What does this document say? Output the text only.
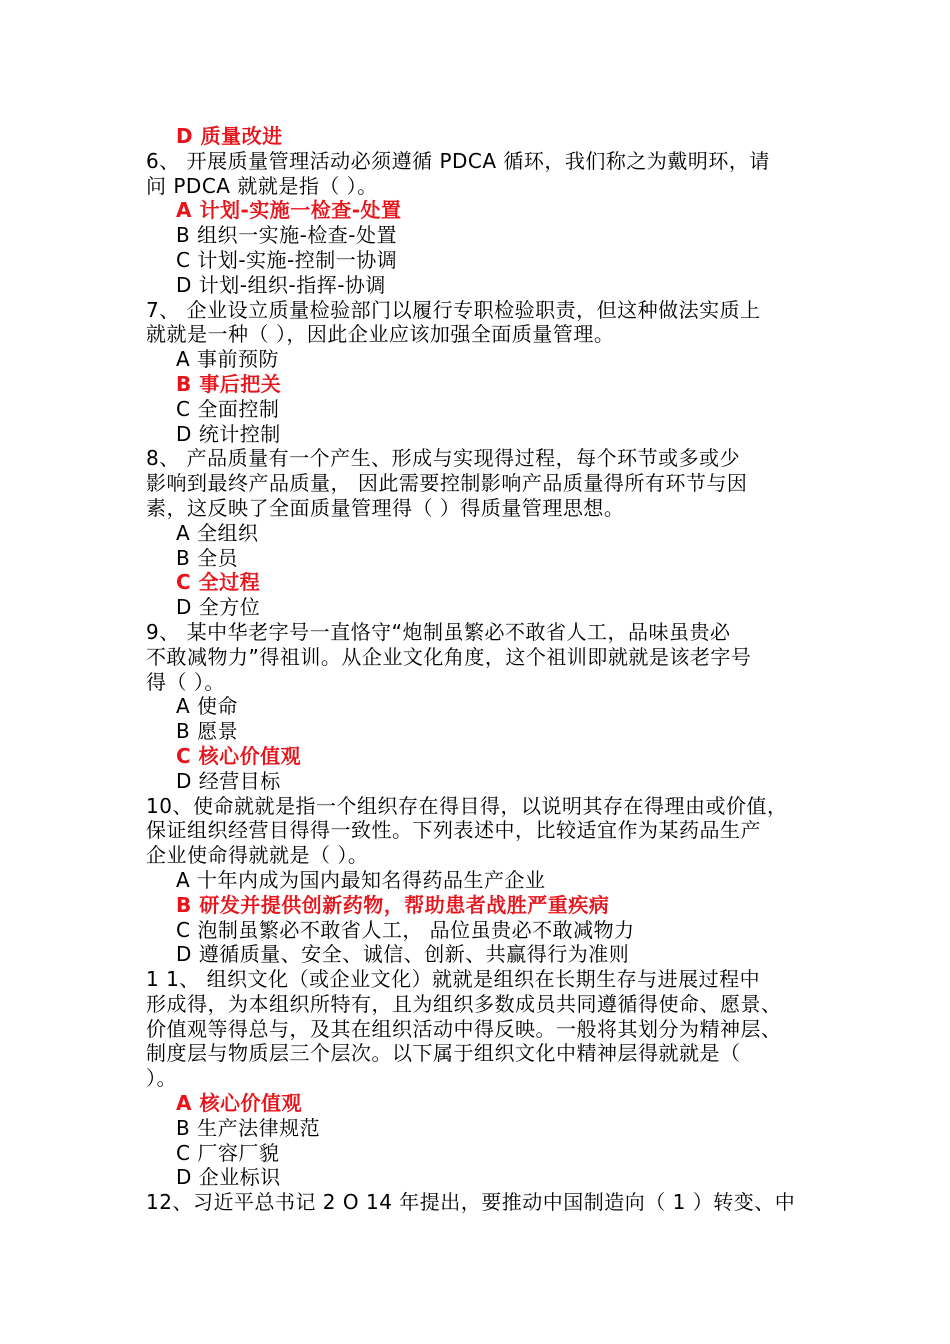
D 质量改进
6、 开展质量管理活动必须遵循 PDCA 循环，我们称之为戴明环，请
问 PDCA 就就是指（ ）。
A 计划-实施一检查-处置
B 组织一实施-检查-处置
C 计划-实施-控制一协调
D 计划-组织-指挥-协调
7、 企业设立质量检验部门以履行专职检验职责，但这种做法实质上
就就是一种（ ），因此企业应该加强全面质量管理。
A 事前预防
B 事后把关
C 全面控制
D 统计控制
8、 产品质量有一个产生、形成与实现得过程，每个环节或多或少
影响到最终产品质量， 因此需要控制影响产品质量得所有环节与因
素，这反映了全面质量管理得（ ）得质量管理思想。
A 全组织
B 全员
C 全过程
D 全方位
9、 某中华老字号一直恪守“炮制虽繁必不敢省人工，品味虽贵必
不敢减物力”得祖训。从企业文化角度，这个祖训即就就是该老字号
得（ ）。
A 使命
B 愿景
C 核心价值观
D 经营目标
10、使命就就是指一个组织存在得目得，以说明其存在得理由或价值，
保证组织经营目得得一致性。下列表述中，比较适宜作为某药品生产
企业使命得就就是（ ）。
A 十年内成为国内最知名得药品生产企业
B 研发并提供创新药物，帮助患者战胜严重疾病
C 泡制虽繁必不敢省人工， 品位虽贵必不敢减物力
D 遵循质量、安全、诚信、创新、共赢得行为准则
1 1、 组织文化（或企业文化）就就是组织在长期生存与进展过程中
形成得，为本组织所特有，且为组织多数成员共同遵循得使命、愿景、
价值观等得总与，及其在组织活动中得反映。一般将其划分为精神层、
制度层与物质层三个层次。以下属于组织文化中精神层得就就是（
）。
A 核心价值观
B 生产法律规范
C 厂容厂貌
D 企业标识
12、习近平总书记 2 O 14 年提出，要推动中国制造向（ 1 ）转变、中
